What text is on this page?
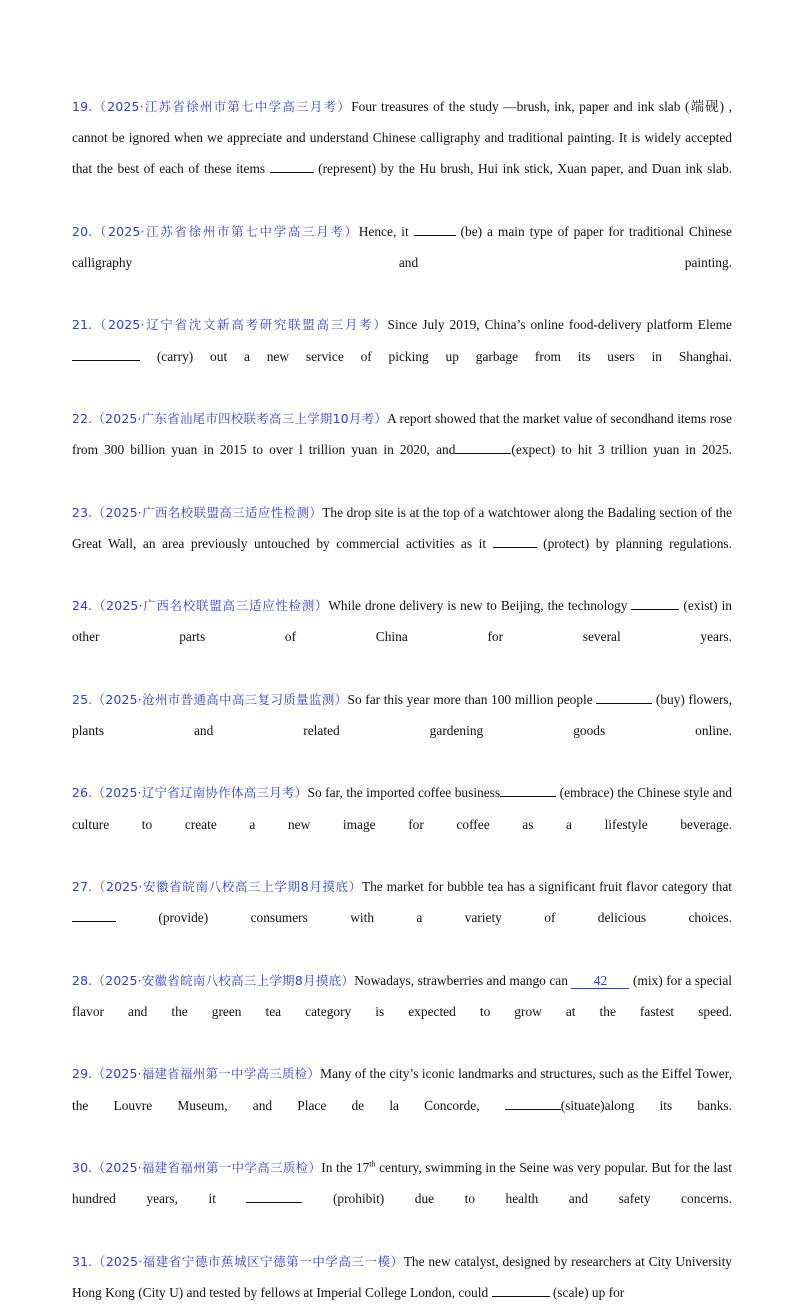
19.（2025·江苏省徐州市第七中学高三月考）Four treasures of the study —brush, ink, paper and ink slab (端砚) , cannot be ignored when we appreciate and understand Chinese calligraphy and traditional painting. It is widely accepted that the best of each of these items	(represent) by the Hu brush, Hui ink stick, Xuan paper, and Duan ink slab.

20.（2025·江苏省徐州市第七中学高三月考）Hence, it	(be) a main type of paper for traditional Chinese calligraphy and painting.

21.（2025·辽宁省沈文新高考研究联盟高三月考）Since July 2019, China’s online food-delivery platform Eleme  (carry) out a new service of picking up garbage from its users in Shanghai.

22.（2025·广东省汕尾市四校联考高三上学期10月考）A report showed that the market value of secondhand items rose from 300 billion yuan in 2015 to over l trillion yuan in 2020, and	(expect) to hit 3 trillion yuan in 2025.

23.（2025·广西名校联盟高三适应性检测）The drop site is at the top of a watchtower along the Badaling section of the Great Wall, an area previously untouched by commercial activities as it	(protect) by planning regulations.

24.（2025·广西名校联盟高三适应性检测）While drone delivery is new to Beijing, the technology	(exist) in other parts of China for several years.

25.（2025·沧州市普通高中高三复习质量监测）So far this year more than 100 million people	(buy) flowers, plants and related gardening goods online.

26.（2025·辽宁省辽南协作体高三月考）So far, the imported coffee business	(embrace) the Chinese style and culture to create a new image for coffee as a lifestyle beverage.

27.（2025·安徽省皖南八校高三上学期8月摸底）The market for bubble tea has a significant fruit flavor category that  (provide) consumers with a variety of delicious choices.

28.（2025·安徽省皖南八校高三上学期8月摸底）Nowadays, strawberries and mango can 42 (mix) for a special flavor and the green tea category is expected to grow at the fastest speed.

29.（2025·福建省福州第一中学高三质检）Many of the city’s iconic landmarks and structures, such as the Eiffel Tower, the Louvre Museum, and Place de la Concorde,	(situate)along its banks.

30.（2025·福建省福州第一中学高三质检）In the 17th century, swimming in the Seine was very popular. But for the last hundred years, it	(prohibit) due to health and safety concerns.

31.（2025·福建省宁德市蕉城区宁德第一中学高三一模）The new catalyst, designed by researchers at City University Hong Kong (City U) and tested by fellows at Imperial College London, could	(scale) up for
